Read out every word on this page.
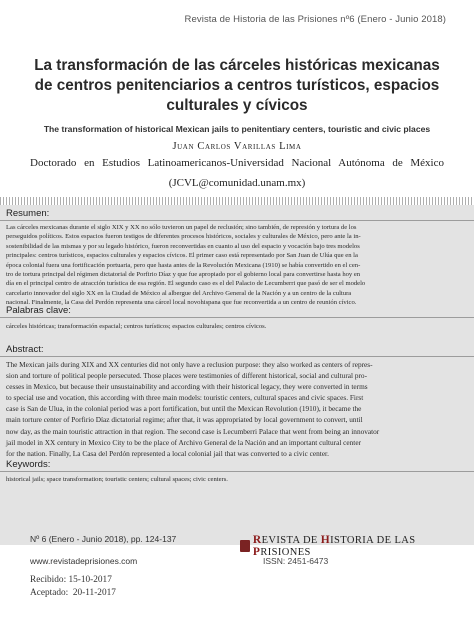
Revista de Historia de las Prisiones nº6 (Enero - Junio 2018)
La transformación de las cárceles históricas mexicanas
de centros penitenciarios a centros turísticos, espacios
culturales y cívicos
The transformation of historical Mexican jails to penitentiary centers, touristic and civic places
Juan Carlos Varillas Lima
Doctorado en Estudios Latinoamericanos-Universidad Nacional Autónoma de México
(JCVL@comunidad.unam.mx)
Resumen:
Las cárceles mexicanas durante el siglo XIX y XX no sólo tuvieron un papel de reclusión; sino también, de represión y tortura de los
perseguidos políticos. Estos espacios fueron testigos de diferentes procesos históricos, sociales y culturales de México, pero ante la in-
sostenibilidad de las mismas y por su legado histórico, fueron reconvertidas en cuanto al uso del espacio y vocación bajo tres modelos
principales: centros turísticos, espacios culturales y espacios cívicos. El primer caso está representado por San Juan de Ulúa que en la
época colonial fuera una fortificación portuaria, pero que hasta antes de la Revolución Mexicana (1910) se había convertido en el cen-
tro de tortura principal del régimen dictatorial de Porfirio Díaz y que fue apropiado por el gobierno local para convertirse hasta hoy en
día en el principal centro de atracción turística de esa región. El segundo caso es el del Palacio de Lecumberri que pasó de ser el modelo
carcelario innovador del siglo XX en la Ciudad de México al albergue del Archivo General de la Nación y a un centro de la cultura
nacional. Finalmente, la Casa del Perdón representa una cárcel local novohispana que fue reconvertida a un centro de reunión cívico.
Palabras clave:
cárceles históricas; transformación espacial; centros turísticos; espacios culturales; centros cívicos.
Abstract:
The Mexican jails during XIX and XX centuries did not only have a reclusion purpose: they also worked as centers of repres-
sion and torture of political people persecuted. Those places were testimonies of different historical, social and cultural pro-
cesses in Mexico, but because their unsustainability and according with their historical legacy, they were converted in terms
to special use and vocation, this according with three main models: touristic centers, cultural spaces and civic spaces. First
case is San de Ulua, in the colonial period was a port fortification, but until the Mexican Revolution (1910), it became the
main torture center of Porfirio Díaz dictatorial regime; after that, it was appropriated by local government to convert, until
now day, as the main touristic attraction in that region. The second case is Lecumberri Palace that went from being an innovator
jail model in XX century in Mexico City to be the place of Archivo General de la Nación and an important cultural center
for the nation. Finally, La Casa del Perdón represented a local colonial jail that was converted to a civic center.
Keywords:
historical jails; space transformation; touristic centers; cultural spaces; civic centers.
Nº 6 (Enero - Junio 2018), pp. 124-137
www.revistadeprisiones.com
Recibido: 15-10-2017
Aceptado:  20-11-2017
REVISTA DE HISTORIA DE LAS PRISIONES
ISSN: 2451-6473
